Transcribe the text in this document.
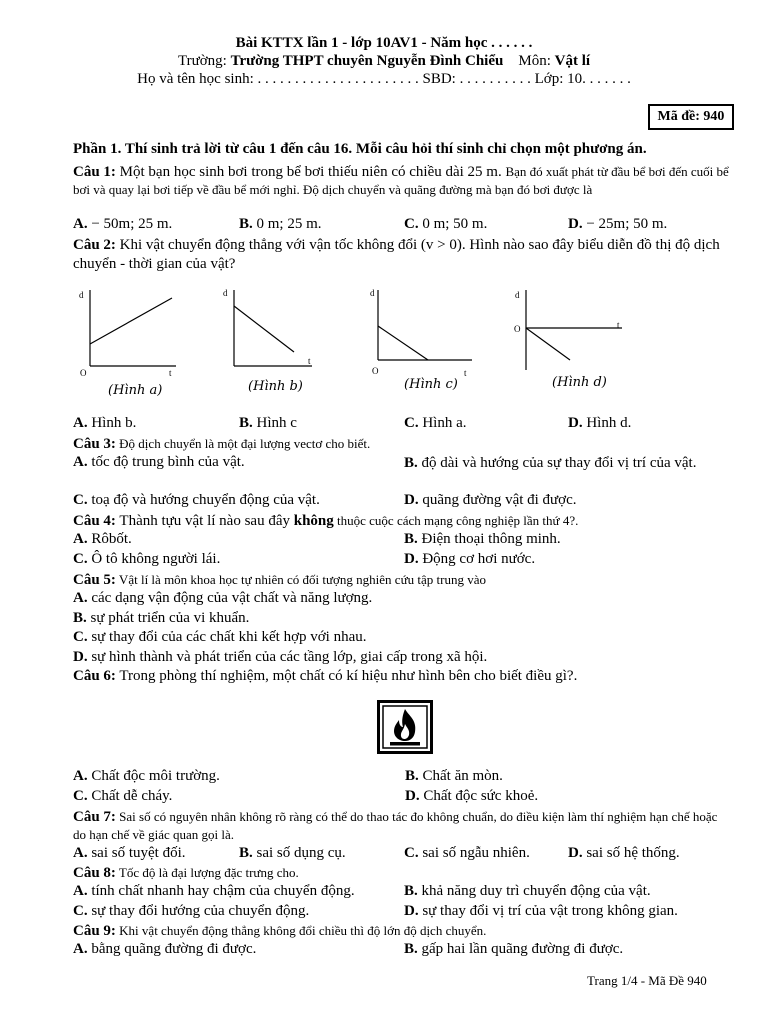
Bài KTTX lần 1 - lớp 10AV1 - Năm học . . . . . .
Trường: Trường THPT chuyên Nguyễn Đình Chiểu Môn: Vật lí
Họ và tên học sinh: . . . . . . . . . . . . . . . . . . . . . . SBD: . . . . . . . . . . Lớp: 10. . . . . . .
Mã đề: 940
Phần 1. Thí sinh trả lời từ câu 1 đến câu 16. Mỗi câu hỏi thí sinh chỉ chọn một phương án.
Câu 1: Một bạn học sinh bơi trong bể bơi thiếu niên có chiều dài 25 m. Bạn đó xuất phát từ đầu bể bơi đến cuối bể bơi và quay lại bơi tiếp về đầu bể mới nghỉ. Độ dịch chuyển và quãng đường mà bạn đó bơi được là
A. − 50m; 25 m.	B. 0 m; 25 m.	C. 0 m; 50 m.	D. − 25m; 50 m.
Câu 2: Khi vật chuyển động thẳng với vận tốc không đổi (v > 0). Hình nào sao đây biểu diễn đồ thị độ dịch chuyển - thời gian của vật?
d
t
O
(Hình a)
d
t
(Hình b)
d
t
O
(Hình c)
d
t
O
(Hình d)
A. Hình b.	B. Hình c	C. Hình a.	D. Hình d.
Câu 3: Độ dịch chuyển là một đại lượng vectơ cho biết.
A. tốc độ trung bình của vật.	B. độ dài và hướng của sự thay đổi vị trí của vật.
C. toạ độ và hướng chuyển động của vật.	D. quãng đường vật đi được.
Câu 4: Thành tựu vật lí nào sau đây không thuộc cuộc cách mạng công nghiệp lần thứ 4?.
A. Rôbốt.	B. Điện thoại thông minh.
C. Ô tô không người lái.	D. Động cơ hơi nước.
Câu 5: Vật lí là môn khoa học tự nhiên có đối tượng nghiên cứu tập trung vào
A. các dạng vận động của vật chất và năng lượng.
B. sự phát triển của vi khuẩn.
C. sự thay đổi của các chất khi kết hợp với nhau.
D. sự hình thành và phát triển của các tầng lớp, giai cấp trong xã hội.
Câu 6: Trong phòng thí nghiệm, một chất có kí hiệu như hình bên cho biết điều gì?.
A. Chất độc môi trường.	B. Chất ăn mòn.
C. Chất dễ cháy.	D. Chất độc sức khoẻ.
Câu 7: Sai số có nguyên nhân không rõ ràng có thể do thao tác đo không chuẩn, do điều kiện làm thí nghiệm hạn chế hoặc do hạn chế về giác quan gọi là.
A. sai số tuyệt đối.	B. sai số dụng cụ.	C. sai số ngẫu nhiên.	D. sai số hệ thống.
Câu 8: Tốc độ là đại lượng đặc trưng cho.
A. tính chất nhanh hay chậm của chuyển động.	B. khả năng duy trì chuyển động của vật.
C. sự thay đổi hướng của chuyển động.	D. sự thay đổi vị trí của vật trong không gian.
Câu 9: Khi vật chuyển động thẳng không đổi chiều thì độ lớn độ dịch chuyển.
A. bằng quãng đường đi được.	B. gấp hai lần quãng đường đi được.
Trang 1/4 - Mã Đề 940
